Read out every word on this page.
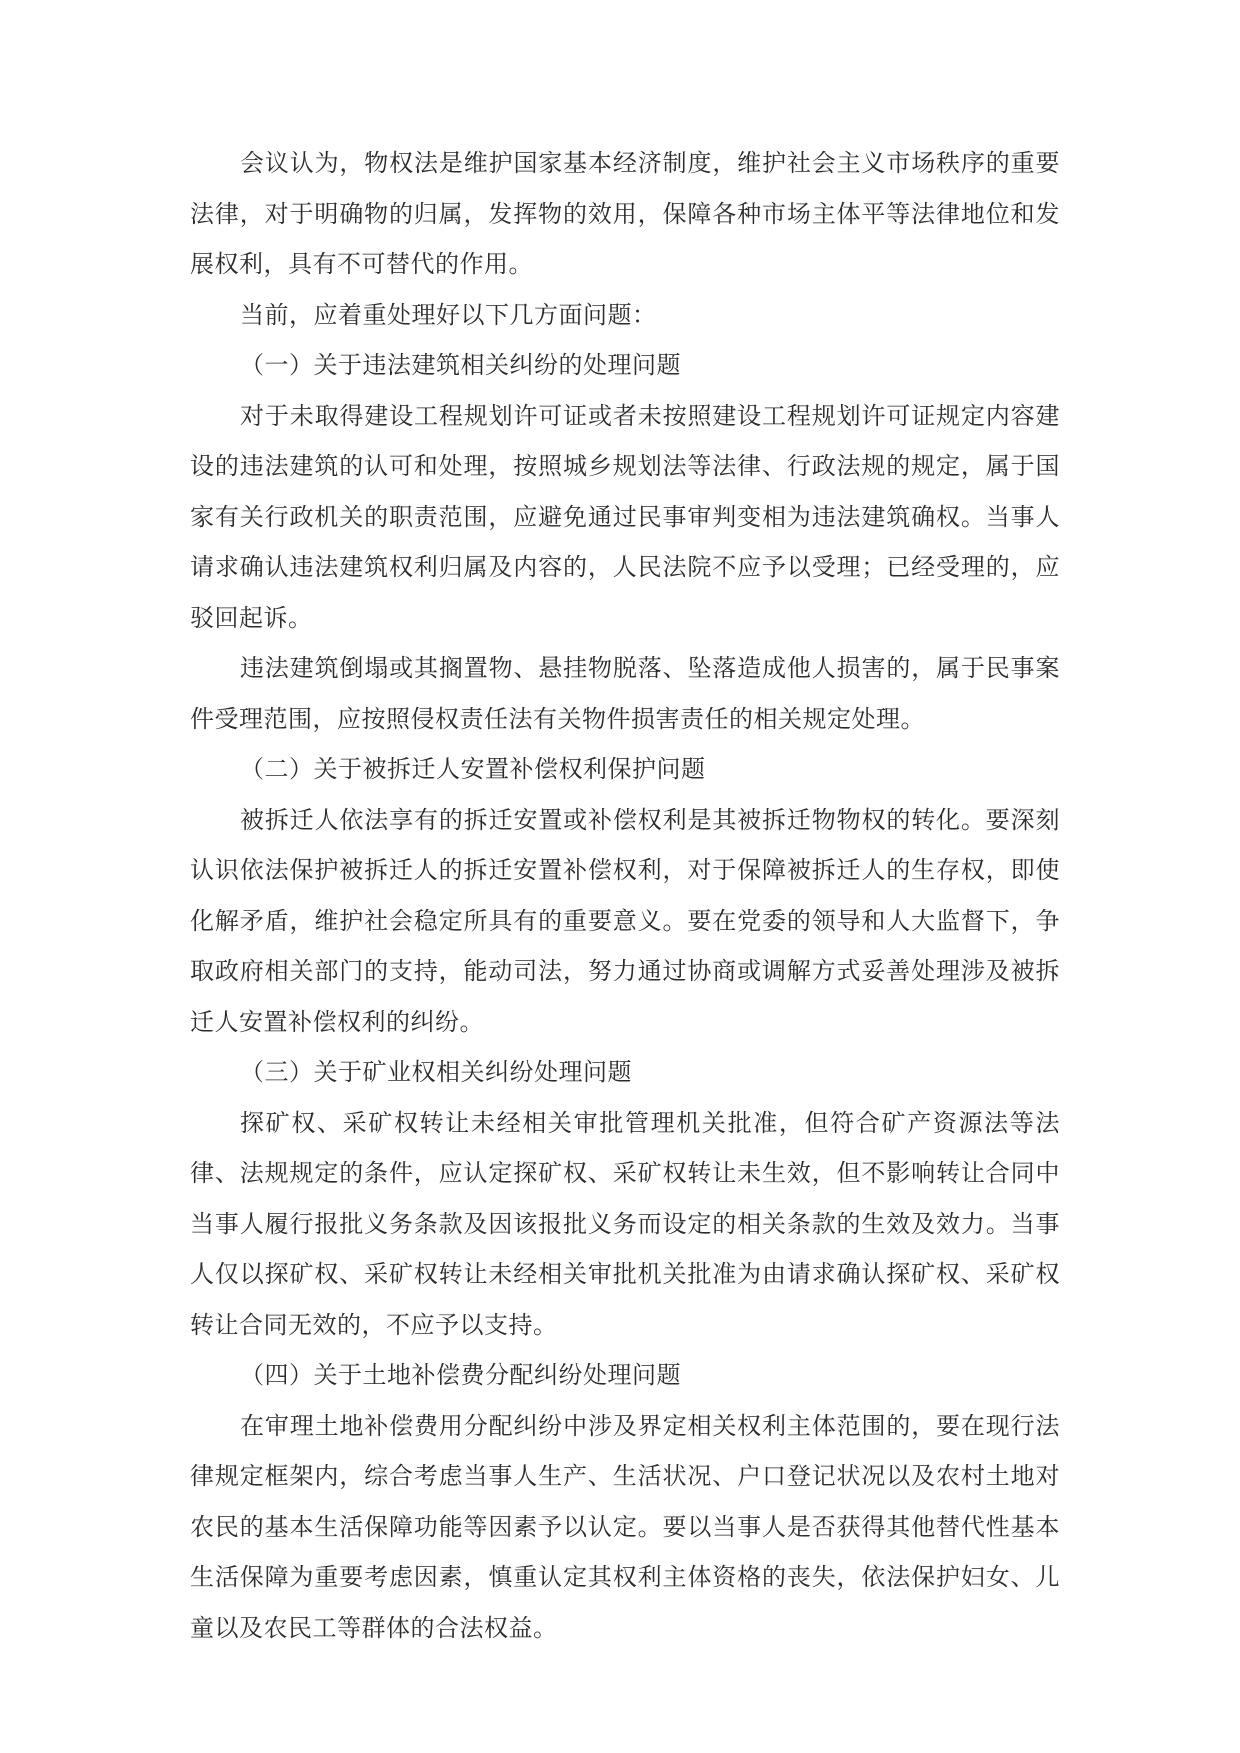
会议认为，物权法是维护国家基本经济制度，维护社会主义市场秩序的重要法律，对于明确物的归属，发挥物的效用，保障各种市场主体平等法律地位和发展权利，具有不可替代的作用。

当前，应着重处理好以下几方面问题：

（一）关于违法建筑相关纠纷的处理问题

对于未取得建设工程规划许可证或者未按照建设工程规划许可证规定内容建设的违法建筑的认可和处理，按照城乡规划法等法律、行政法规的规定，属于国家有关行政机关的职责范围，应避免通过民事审判变相为违法建筑确权。当事人请求确认违法建筑权利归属及内容的，人民法院不应予以受理；已经受理的，应驳回起诉。

违法建筑倒塌或其搁置物、悬挂物脱落、坠落造成他人损害的，属于民事案件受理范围，应按照侵权责任法有关物件损害责任的相关规定处理。

（二）关于被拆迁人安置补偿权利保护问题

被拆迁人依法享有的拆迁安置或补偿权利是其被拆迁物物权的转化。要深刻认识依法保护被拆迁人的拆迁安置补偿权利，对于保障被拆迁人的生存权，即使化解矛盾，维护社会稳定所具有的重要意义。要在党委的领导和人大监督下，争取政府相关部门的支持，能动司法，努力通过协商或调解方式妥善处理涉及被拆迁人安置补偿权利的纠纷。

（三）关于矿业权相关纠纷处理问题

探矿权、采矿权转让未经相关审批管理机关批准，但符合矿产资源法等法律、法规规定的条件，应认定探矿权、采矿权转让未生效，但不影响转让合同中当事人履行报批义务条款及因该报批义务而设定的相关条款的生效及效力。当事人仅以探矿权、采矿权转让未经相关审批机关批准为由请求确认探矿权、采矿权转让合同无效的，不应予以支持。

（四）关于土地补偿费分配纠纷处理问题

在审理土地补偿费用分配纠纷中涉及界定相关权利主体范围的，要在现行法律规定框架内，综合考虑当事人生产、生活状况、户口登记状况以及农村土地对农民的基本生活保障功能等因素予以认定。要以当事人是否获得其他替代性基本生活保障为重要考虑因素，慎重认定其权利主体资格的丧失，依法保护妇女、儿童以及农民工等群体的合法权益。
